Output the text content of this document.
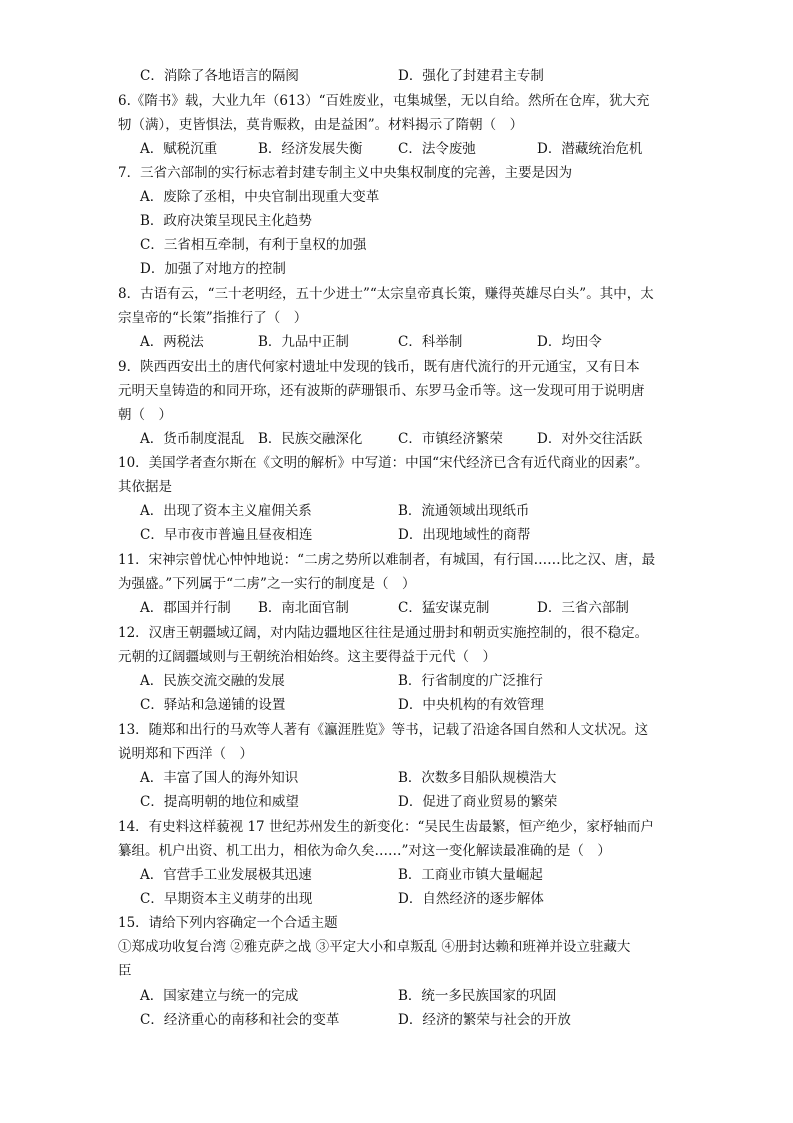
C．消除了各地语言的隔阂	D．强化了封建君主专制
6.《隋书》载，大业九年（613）“百姓废业，屯集城堡，无以自给。然所在仓库，犹大充
牣（满），吏皆惧法，莫肯赈救，由是益困”。材料揭示了隋朝（　）
A．赋税沉重	B．经济发展失衡	C．法令废弛	D．潜藏统治危机
7．三省六部制的实行标志着封建专制主义中央集权制度的完善，主要是因为
A．废除了丞相，中央官制出现重大变革
B．政府决策呈现民主化趋势
C．三省相互牵制，有利于皇权的加强
D．加强了对地方的控制
8．古语有云，“三十老明经，五十少进士”“太宗皇帝真长策，赚得英雄尽白头”。其中，太
宗皇帝的“长策”指推行了（　）
A．两税法	B．九品中正制	C．科举制	D．均田令
9．陕西西安出土的唐代何家村遗址中发现的钱币，既有唐代流行的开元通宝，又有日本
元明天皇铸造的和同开珎，还有波斯的萨珊银币、东罗马金币等。这一发现可用于说明唐
朝（　）
A．货币制度混乱 B．民族交融深化	C．市镇经济繁荣	D．对外交往活跃
10．美国学者查尔斯在《文明的解析》中写道：中国“宋代经济已含有近代商业的因素”。
其依据是
A．出现了资本主义雇佣关系	B．流通领域出现纸币
C．早市夜市普遍且昼夜相连	D．出现地域性的商帮
11．宋神宗曾忧心忡忡地说：“二虏之势所以难制者，有城国，有行国……比之汉、唐，最
为强盛。”下列属于“二虏”之一实行的制度是（　）
A．郡国并行制 B．南北面官制	C．猛安谋克制	D．三省六部制
12．汉唐王朝疆域辽阔，对内陆边疆地区往往是通过册封和朝贡实施控制的，很不稳定。
元朝的辽阔疆域则与王朝统治相始终。这主要得益于元代（　）
A．民族交流交融的发展	B．行省制度的广泛推行
C．驿站和急递铺的设置	D．中央机构的有效管理
13．随郑和出行的马欢等人著有《瀛涯胜览》等书，记载了沿途各国自然和人文状况。这
说明郑和下西洋（　）
A．丰富了国人的海外知识	B．次数多目船队规模浩大
C．提高明朝的地位和威望	D．促进了商业贸易的繁荣
14．有史料这样藐视 17 世纪苏州发生的新变化：“吴民生齿最繁，恒产绝少，家杼轴而户
纂组。机户出资、机工出力，相依为命久矣……”对这一变化解读最准确的是（　）
A．官营手工业发展极其迅速	B．工商业市镇大量崛起
C．早期资本主义萌芽的出现	D．自然经济的逐步解体
15．请给下列内容确定一个合适主题
①郑成功收复台湾 ②雅克萨之战 ③平定大小和卓叛乱 ④册封达赖和班禅并设立驻藏大
臣
A．国家建立与统一的完成	B．统一多民族国家的巩固
C．经济重心的南移和社会的变革	D．经济的繁荣与社会的开放
